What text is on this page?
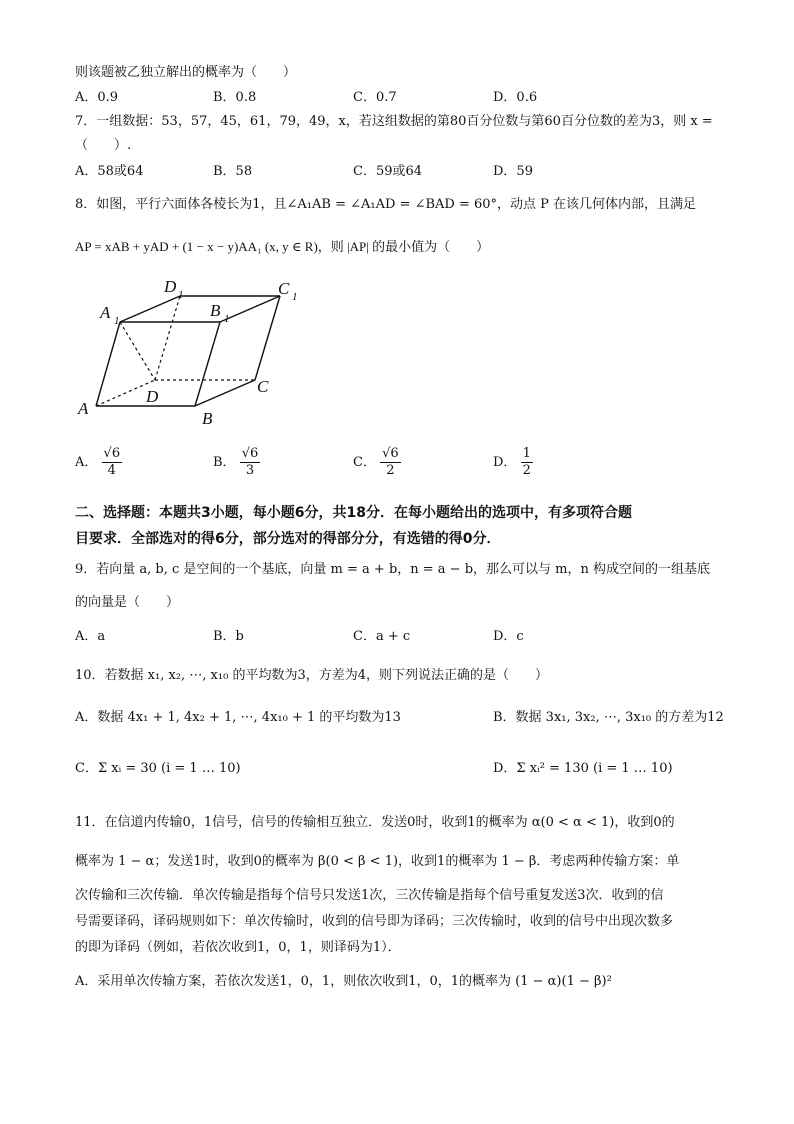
则该题被乙独立解出的概率为（　　）
A．0.9	B．0.8	C．0.7	D．0.6
7．一组数据：53，57，45，61，79，49，x，若这组数据的第80百分位数与第60百分位数的差为3，则 x =
（　　）.
A．58或64	B．58	C．59或64	D．59
8．如图，平行六面体各棱长为1，且∠A₁AB = ∠A₁AD = ∠BAD = 60°，动点 P 在该几何体内部，且满足
AP = xAB + yAD + (1 − x − y)AA₁ (x, y ∈ R)，则 |AP| 的最小值为（　　）
A
B
C
D
A 1
B 1
C 1
D 1
A． $\frac{√6}{4}$	B． $\frac{√6}{3}$	C． $\frac{√6}{2}$	D． $\frac{1}{2}$
二、选择题：本题共3小题，每小题6分，共18分．在每小题给出的选项中，有多项符合题
目要求．全部选对的得6分，部分选对的得部分分，有选错的得0分．
9．若向量 a, b, c 是空间的一个基底，向量 m = a + b，n = a − b，那么可以与 m，n 构成空间的一组基底
的向量是（　　）
A．a	B．b	C．a + c	D．c
10．若数据 x₁, x₂, ⋯, x₁₀ 的平均数为3，方差为4，则下列说法正确的是（　　）
A．数据 4x₁ + 1, 4x₂ + 1, ⋯, 4x₁₀ + 1 的平均数为13	B．数据 3x₁, 3x₂, ⋯, 3x₁₀ 的方差为12
C．Σ xᵢ = 30 (i = 1 … 10)	D．Σ xᵢ² = 130 (i = 1 … 10)
11．在信道内传输0，1信号，信号的传输相互独立．发送0时，收到1的概率为 α(0 < α < 1)，收到0的
概率为 1 − α；发送1时，收到0的概率为 β(0 < β < 1)，收到1的概率为 1 − β．考虑两种传输方案：单
次传输和三次传输．单次传输是指每个信号只发送1次，三次传输是指每个信号重复发送3次．收到的信
号需要译码，译码规则如下：单次传输时，收到的信号即为译码；三次传输时，收到的信号中出现次数多
的即为译码（例如，若依次收到1，0，1，则译码为1）．
A．采用单次传输方案，若依次发送1，0，1，则依次收到1，0，1的概率为 (1 − α)(1 − β)²
